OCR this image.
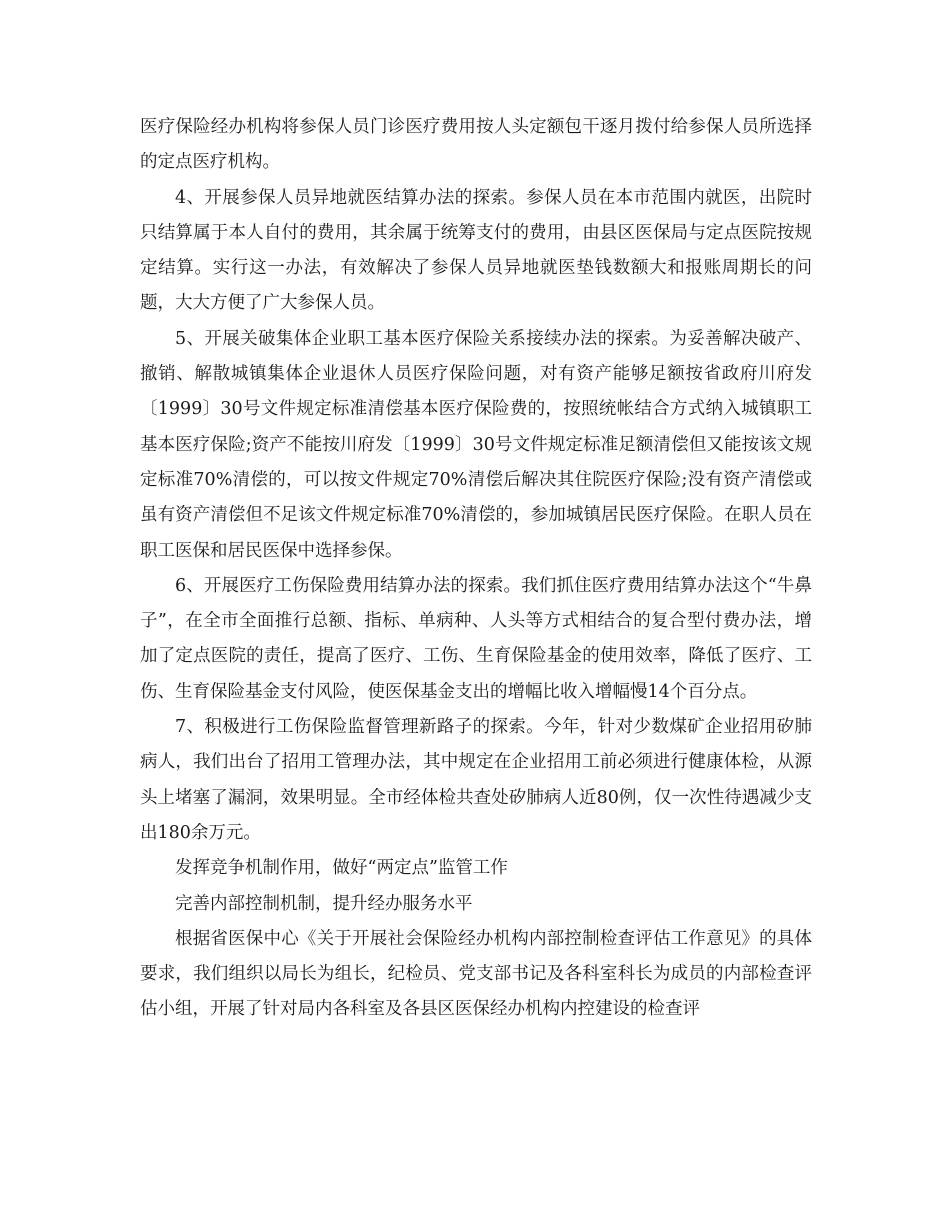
医疗保险经办机构将参保人员门诊医疗费用按人头定额包干逐月拨付给参保人员所选择的定点医疗机构。

4、开展参保人员异地就医结算办法的探索。参保人员在本市范围内就医，出院时只结算属于本人自付的费用，其余属于统筹支付的费用，由县区医保局与定点医院按规定结算。实行这一办法，有效解决了参保人员异地就医垫钱数额大和报账周期长的问题，大大方便了广大参保人员。

5、开展关破集体企业职工基本医疗保险关系接续办法的探索。为妥善解决破产、撤销、解散城镇集体企业退休人员医疗保险问题，对有资产能够足额按省政府川府发〔1999〕30号文件规定标准清偿基本医疗保险费的，按照统帐结合方式纳入城镇职工基本医疗保险;资产不能按川府发〔1999〕30号文件规定标准足额清偿但又能按该文规定标准70%清偿的，可以按文件规定70%清偿后解决其住院医疗保险;没有资产清偿或虽有资产清偿但不足该文件规定标准70%清偿的，参加城镇居民医疗保险。在职人员在职工医保和居民医保中选择参保。

6、开展医疗工伤保险费用结算办法的探索。我们抓住医疗费用结算办法这个“牛鼻子”，在全市全面推行总额、指标、单病种、人头等方式相结合的复合型付费办法，增加了定点医院的责任，提高了医疗、工伤、生育保险基金的使用效率，降低了医疗、工伤、生育保险基金支付风险，使医保基金支出的增幅比收入增幅慢14个百分点。

7、积极进行工伤保险监督管理新路子的探索。今年，针对少数煤矿企业招用矽肺病人，我们出台了招用工管理办法，其中规定在企业招用工前必须进行健康体检，从源头上堵塞了漏洞，效果明显。全市经体检共查处矽肺病人近80例，仅一次性待遇减少支出180余万元。

发挥竞争机制作用，做好“两定点”监管工作

完善内部控制机制，提升经办服务水平

根据省医保中心《关于开展社会保险经办机构内部控制检查评估工作意见》的具体要求，我们组织以局长为组长，纪检员、党支部书记及各科室科长为成员的内部检查评估小组，开展了针对局内各科室及各县区医保经办机构内控建设的检查评
